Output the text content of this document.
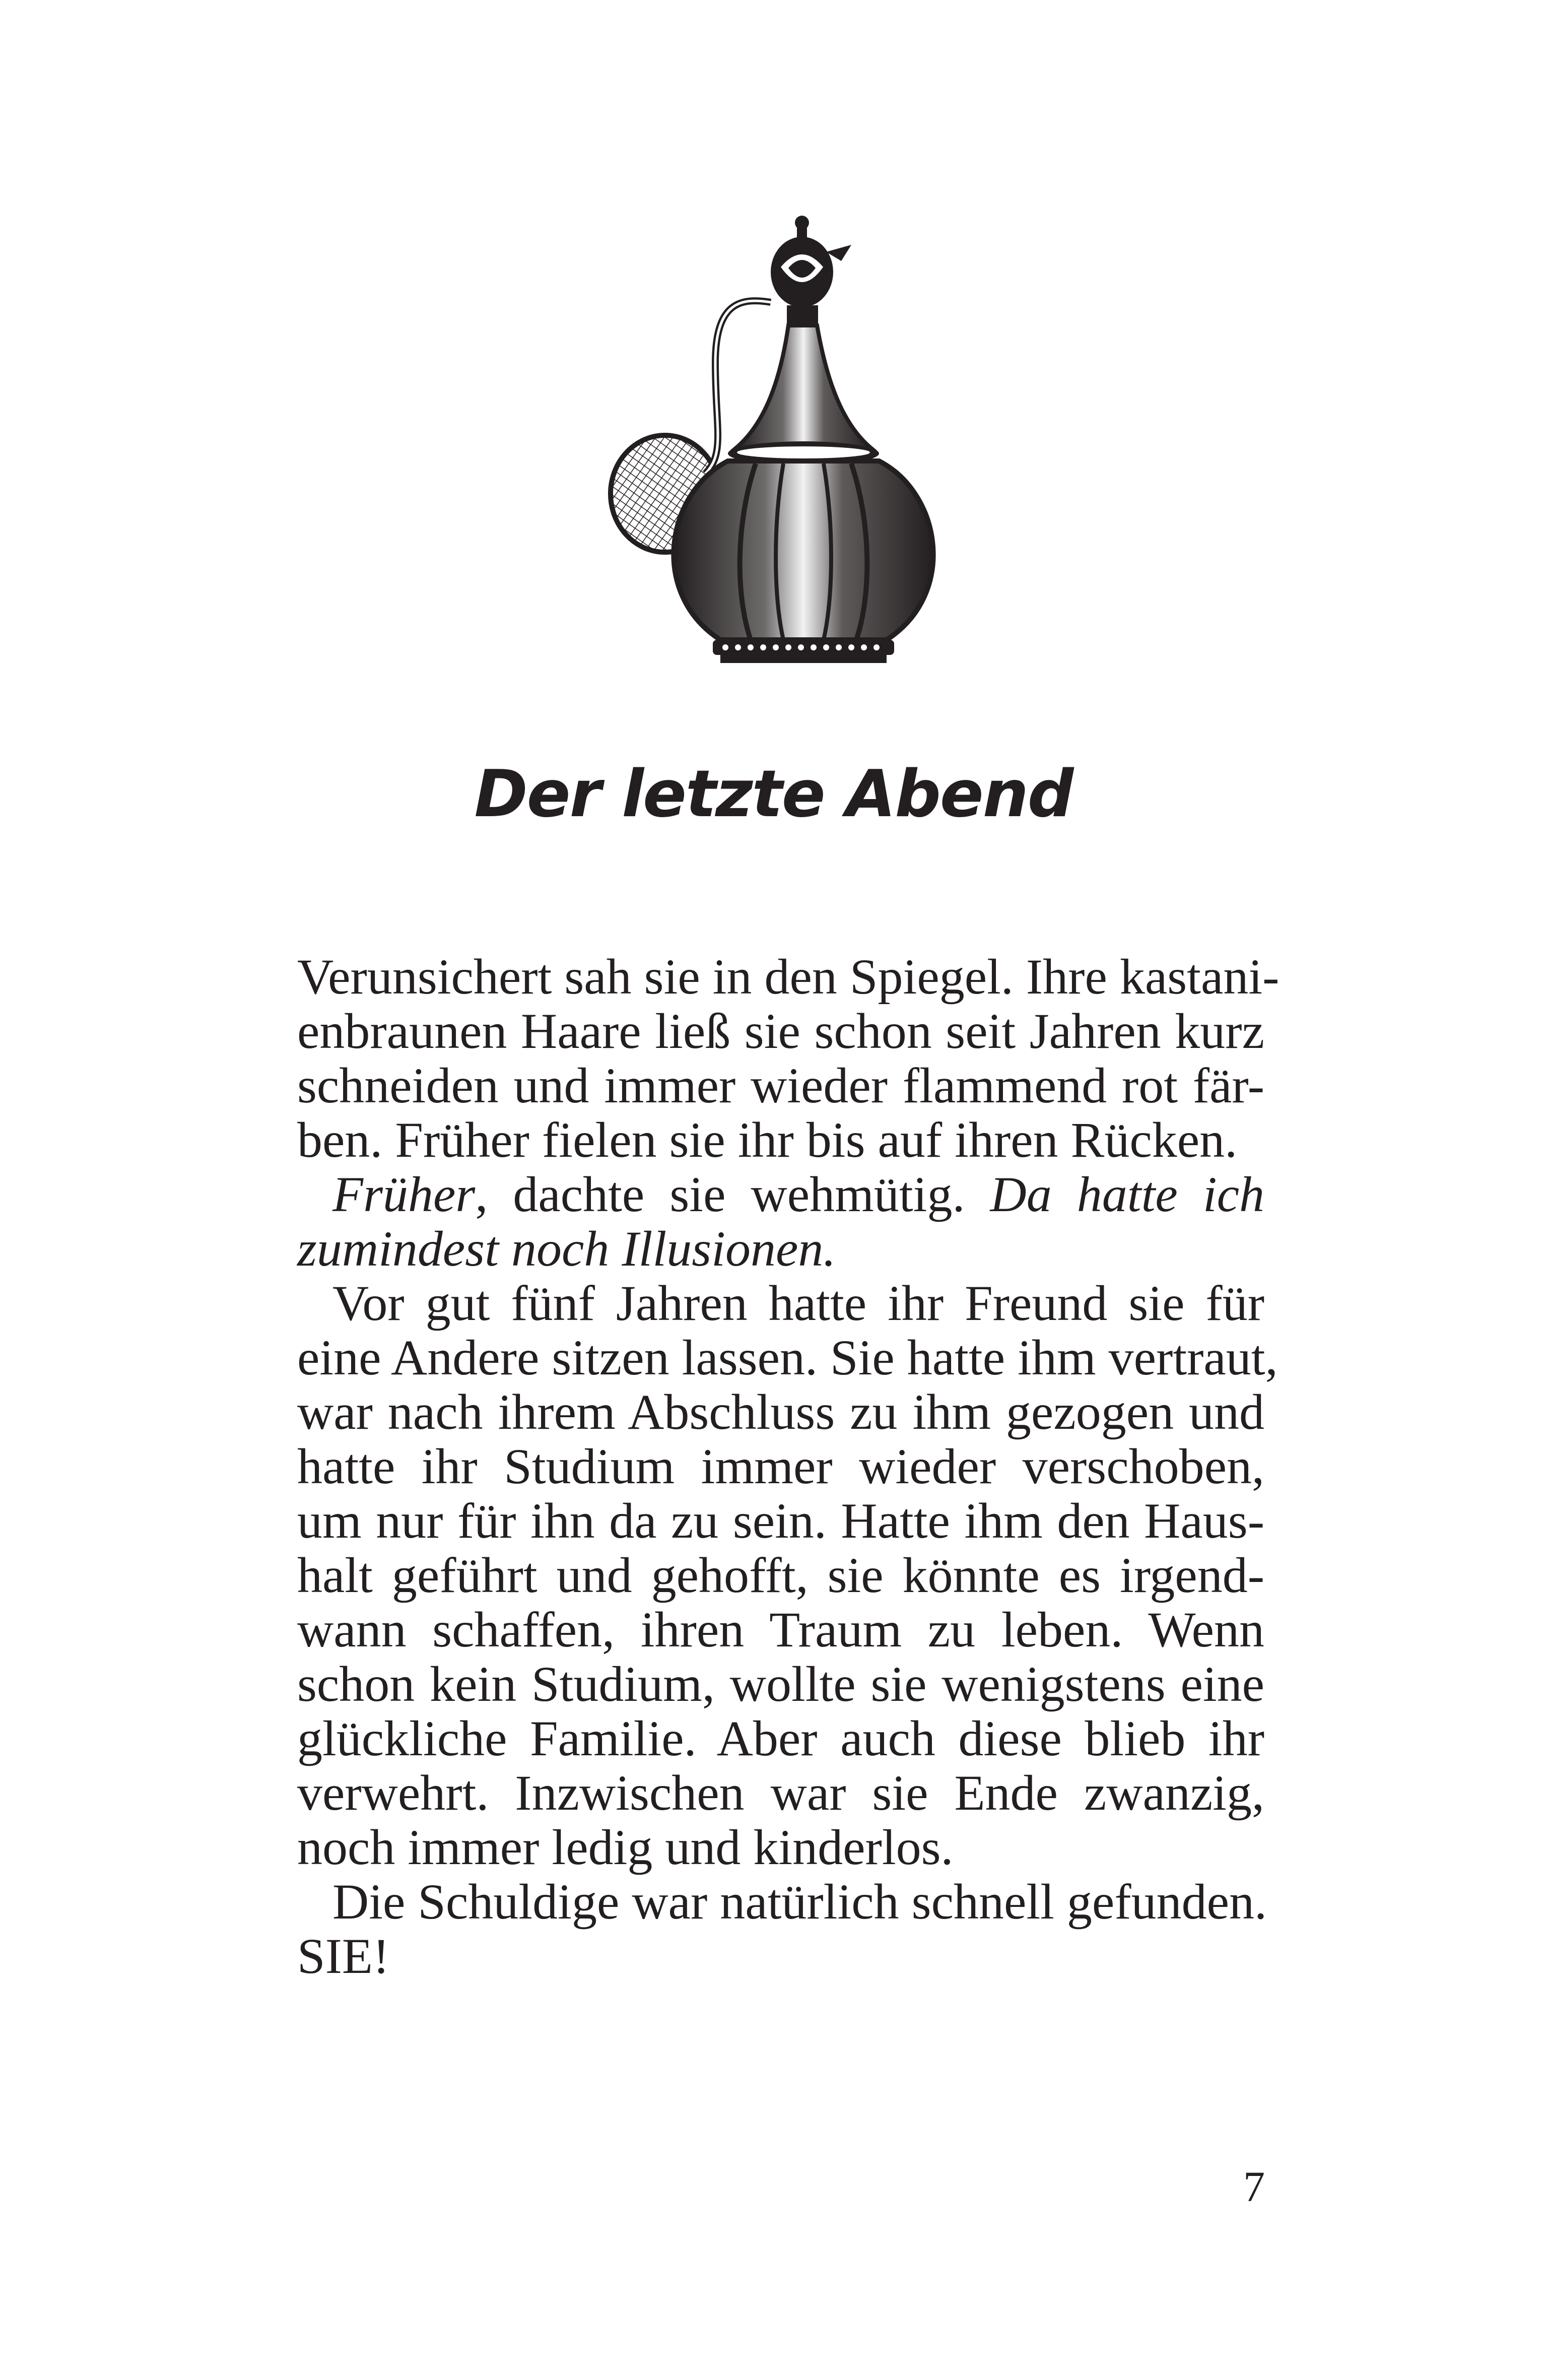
Der letzte Abend
Verunsichert sah sie in den Spiegel. Ihre kastani-
enbraunen Haare ließ sie schon seit Jahren kurz
schneiden und immer wieder flammend rot fär-
ben. Früher fielen sie ihr bis auf ihren Rücken.
Früher, dachte sie wehmütig. Da hatte ich
zumindest noch Illusionen.
Vor gut fünf Jahren hatte ihr Freund sie für
eine Andere sitzen lassen. Sie hatte ihm vertraut,
war nach ihrem Abschluss zu ihm gezogen und
hatte ihr Studium immer wieder verschoben,
um nur für ihn da zu sein. Hatte ihm den Haus-
halt geführt und gehofft, sie könnte es irgend-
wann schaffen, ihren Traum zu leben. Wenn
schon kein Studium, wollte sie wenigstens eine
glückliche Familie. Aber auch diese blieb ihr
verwehrt. Inzwischen war sie Ende zwanzig,
noch immer ledig und kinderlos.
Die Schuldige war natürlich schnell gefunden.
SIE!
7
